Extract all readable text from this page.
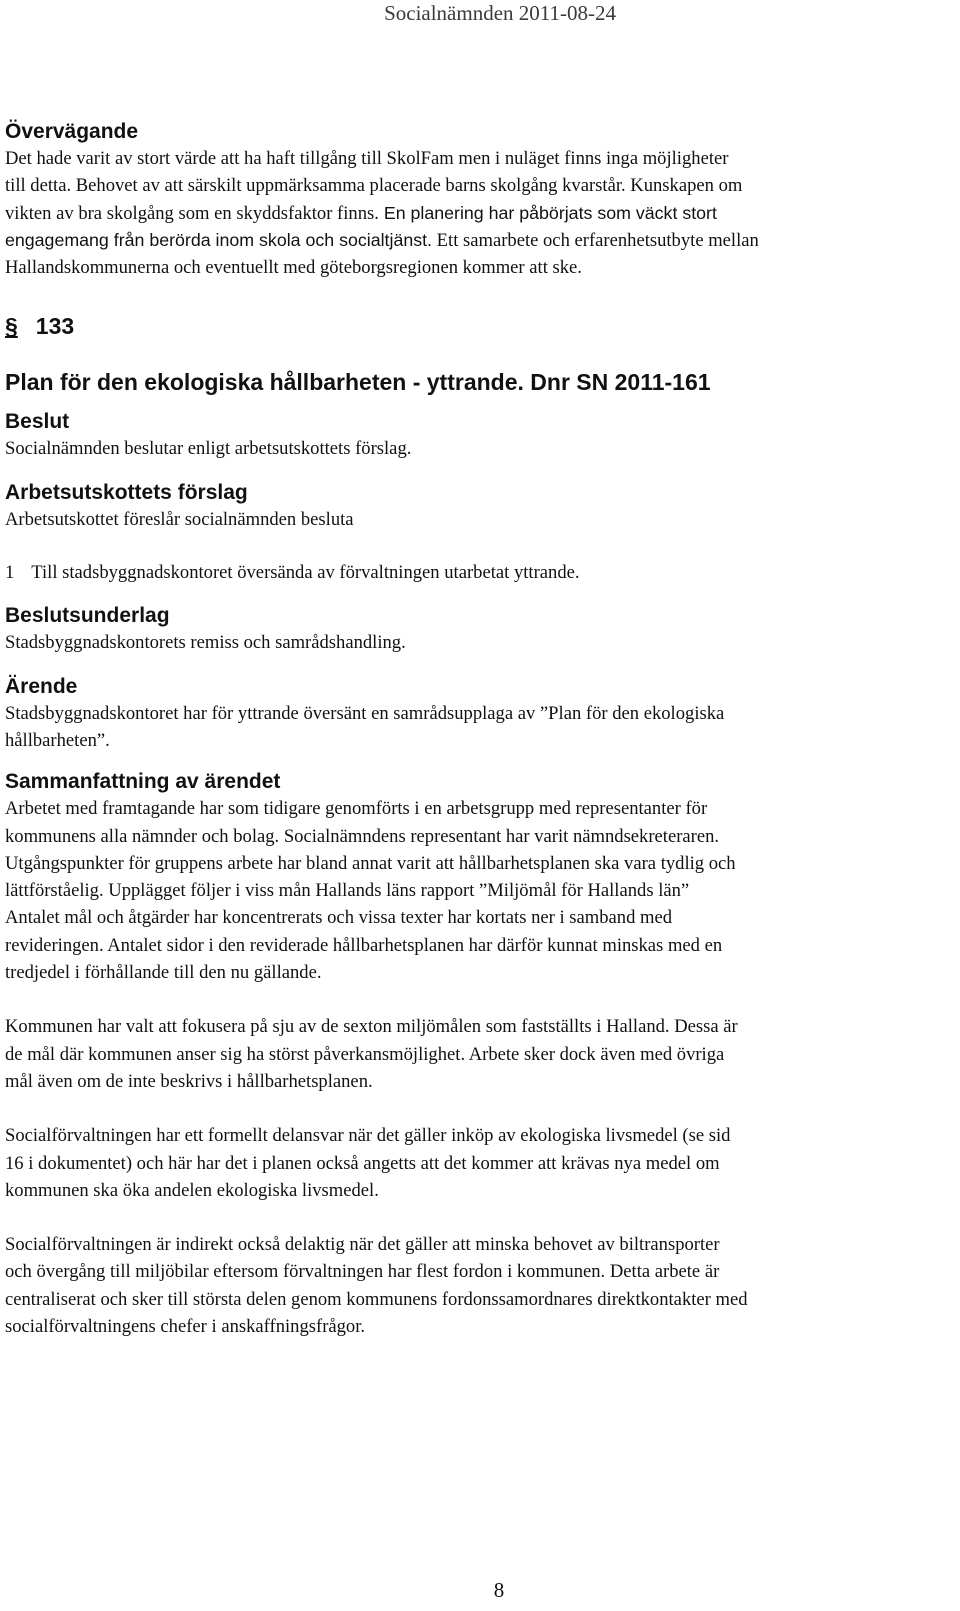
Socialnämnden 2011-08-24
Övervägande

Det hade varit av stort värde att ha haft tillgång till SkolFam men i nuläget finns inga möjligheter

till detta. Behovet av att särskilt uppmärksamma placerade barns skolgång kvarstår. Kunskapen om

vikten av bra skolgång som en skyddsfaktor finns. En planering har påbörjats som väckt stort

engagemang från berörda inom skola och socialtjänst. Ett samarbete och erfarenhetsutbyte mellan

Hallandskommunerna och eventuellt med göteborgsregionen kommer att ske.

§ 133
Plan för den ekologiska hållbarheten - yttrande. Dnr SN 2011-161
Beslut

Socialnämnden beslutar enligt arbetsutskottets förslag.

Arbetsutskottets förslag

Arbetsutskottet föreslår socialnämnden besluta

1 Till stadsbyggnadskontoret översända av förvaltningen utarbetat yttrande.
Beslutsunderlag

Stadsbyggnadskontorets remiss och samrådshandling.

Ärende

Stadsbyggnadskontoret har för yttrande översänt en samrådsupplaga av ”Plan för den ekologiska

hållbarheten”.

Sammanfattning av ärendet

Arbetet med framtagande har som tidigare genomförts i en arbetsgrupp med representanter för

kommunens alla nämnder och bolag. Socialnämndens representant har varit nämndsekreteraren.

Utgångspunkter för gruppens arbete har bland annat varit att hållbarhetsplanen ska vara tydlig och

lättförståelig. Upplägget följer i viss mån Hallands läns rapport ”Miljömål för Hallands län”

Antalet mål och åtgärder har koncentrerats och vissa texter har kortats ner i samband med

revideringen. Antalet sidor i den reviderade hållbarhetsplanen har därför kunnat minskas med en

tredjedel i förhållande till den nu gällande.

Kommunen har valt att fokusera på sju av de sexton miljömålen som fastställts i Halland. Dessa är

de mål där kommunen anser sig ha störst påverkansmöjlighet. Arbete sker dock även med övriga

mål även om de inte beskrivs i hållbarhetsplanen.

Socialförvaltningen har ett formellt delansvar när det gäller inköp av ekologiska livsmedel (se sid

16 i dokumentet) och här har det i planen också angetts att det kommer att krävas nya medel om

kommunen ska öka andelen ekologiska livsmedel.

Socialförvaltningen är indirekt också delaktig när det gäller att minska behovet av biltransporter

och övergång till miljöbilar eftersom förvaltningen har flest fordon i kommunen. Detta arbete är

centraliserat och sker till största delen genom kommunens fordonssamordnares direktkontakter med

socialförvaltningens chefer i anskaffningsfrågor.

8
